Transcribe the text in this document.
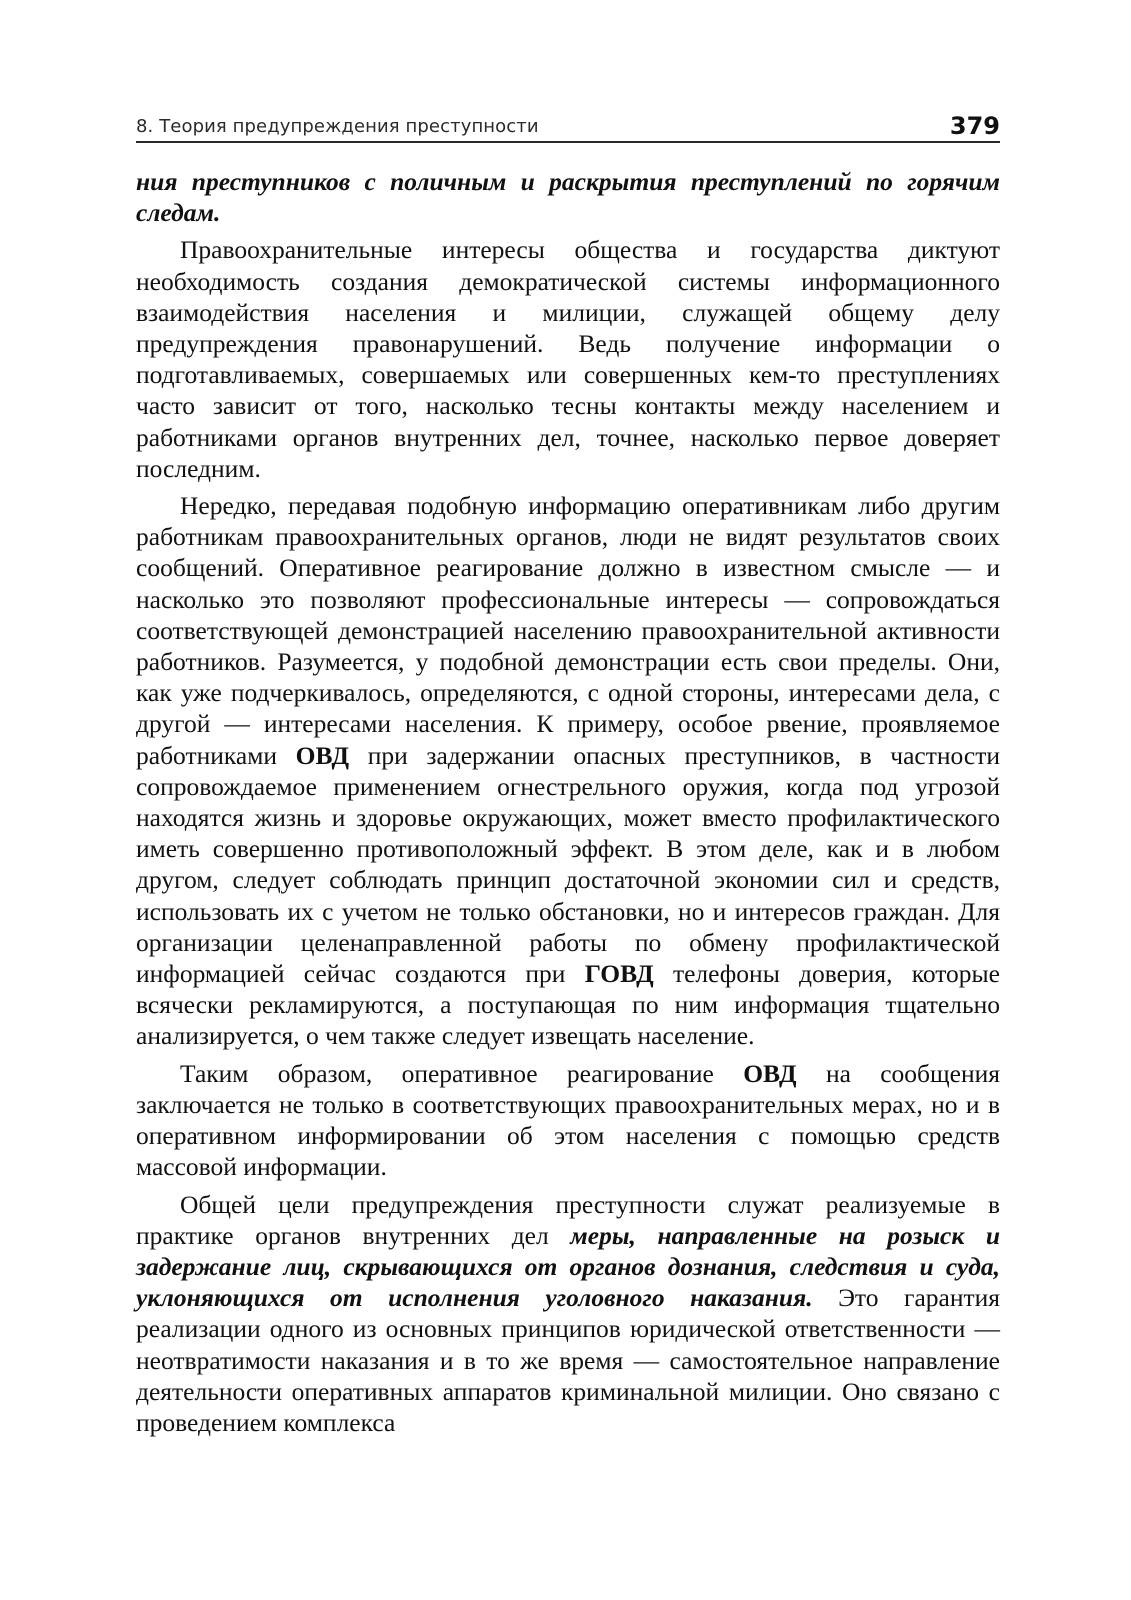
8. Теория предупреждения преступности	379

ния преступников с поличным и раскрытия преступлений по горячим следам.

Правоохранительные интересы общества и государства диктуют необходимость создания демократической системы информационного взаимодействия населения и милиции, служащей общему делу предупреждения правонарушений. Ведь получение информации о подготавливаемых, совершаемых или совершенных кем-то преступлениях часто зависит от того, насколько тесны контакты между населением и работниками органов внутренних дел, точнее, насколько первое доверяет последним.

Нередко, передавая подобную информацию оперативникам либо другим работникам правоохранительных органов, люди не видят результатов своих сообщений. Оперативное реагирование должно в известном смысле — и насколько это позволяют профессиональные интересы — сопровождаться соответствующей демонстрацией населению правоохранительной активности работников. Разумеется, у подобной демонстрации есть свои пределы. Они, как уже подчеркивалось, определяются, с одной стороны, интересами дела, с другой — интересами населения. К примеру, особое рвение, проявляемое работниками ОВД при задержании опасных преступников, в частности сопровождаемое применением огнестрельного оружия, когда под угрозой находятся жизнь и здоровье окружающих, может вместо профилактического иметь совершенно противоположный эффект. В этом деле, как и в любом другом, следует соблюдать принцип достаточной экономии сил и средств, использовать их с учетом не только обстановки, но и интересов граждан. Для организации целенаправленной работы по обмену профилактической информацией сейчас создаются при ГОВД телефоны доверия, которые всячески рекламируются, а поступающая по ним информация тщательно анализируется, о чем также следует извещать население.

Таким образом, оперативное реагирование ОВД на сообщения заключается не только в соответствующих правоохранительных мерах, но и в оперативном информировании об этом населения с помощью средств массовой информации.

Общей цели предупреждения преступности служат реализуемые в практике органов внутренних дел меры, направленные на розыск и задержание лиц, скрывающихся от органов дознания, следствия и суда, уклоняющихся от исполнения уголовного наказания. Это гарантия реализации одного из основных принципов юридической ответственности — неотвратимости наказания и в то же время — самостоятельное направление деятельности оперативных аппаратов криминальной милиции. Оно связано с проведением комплекса
